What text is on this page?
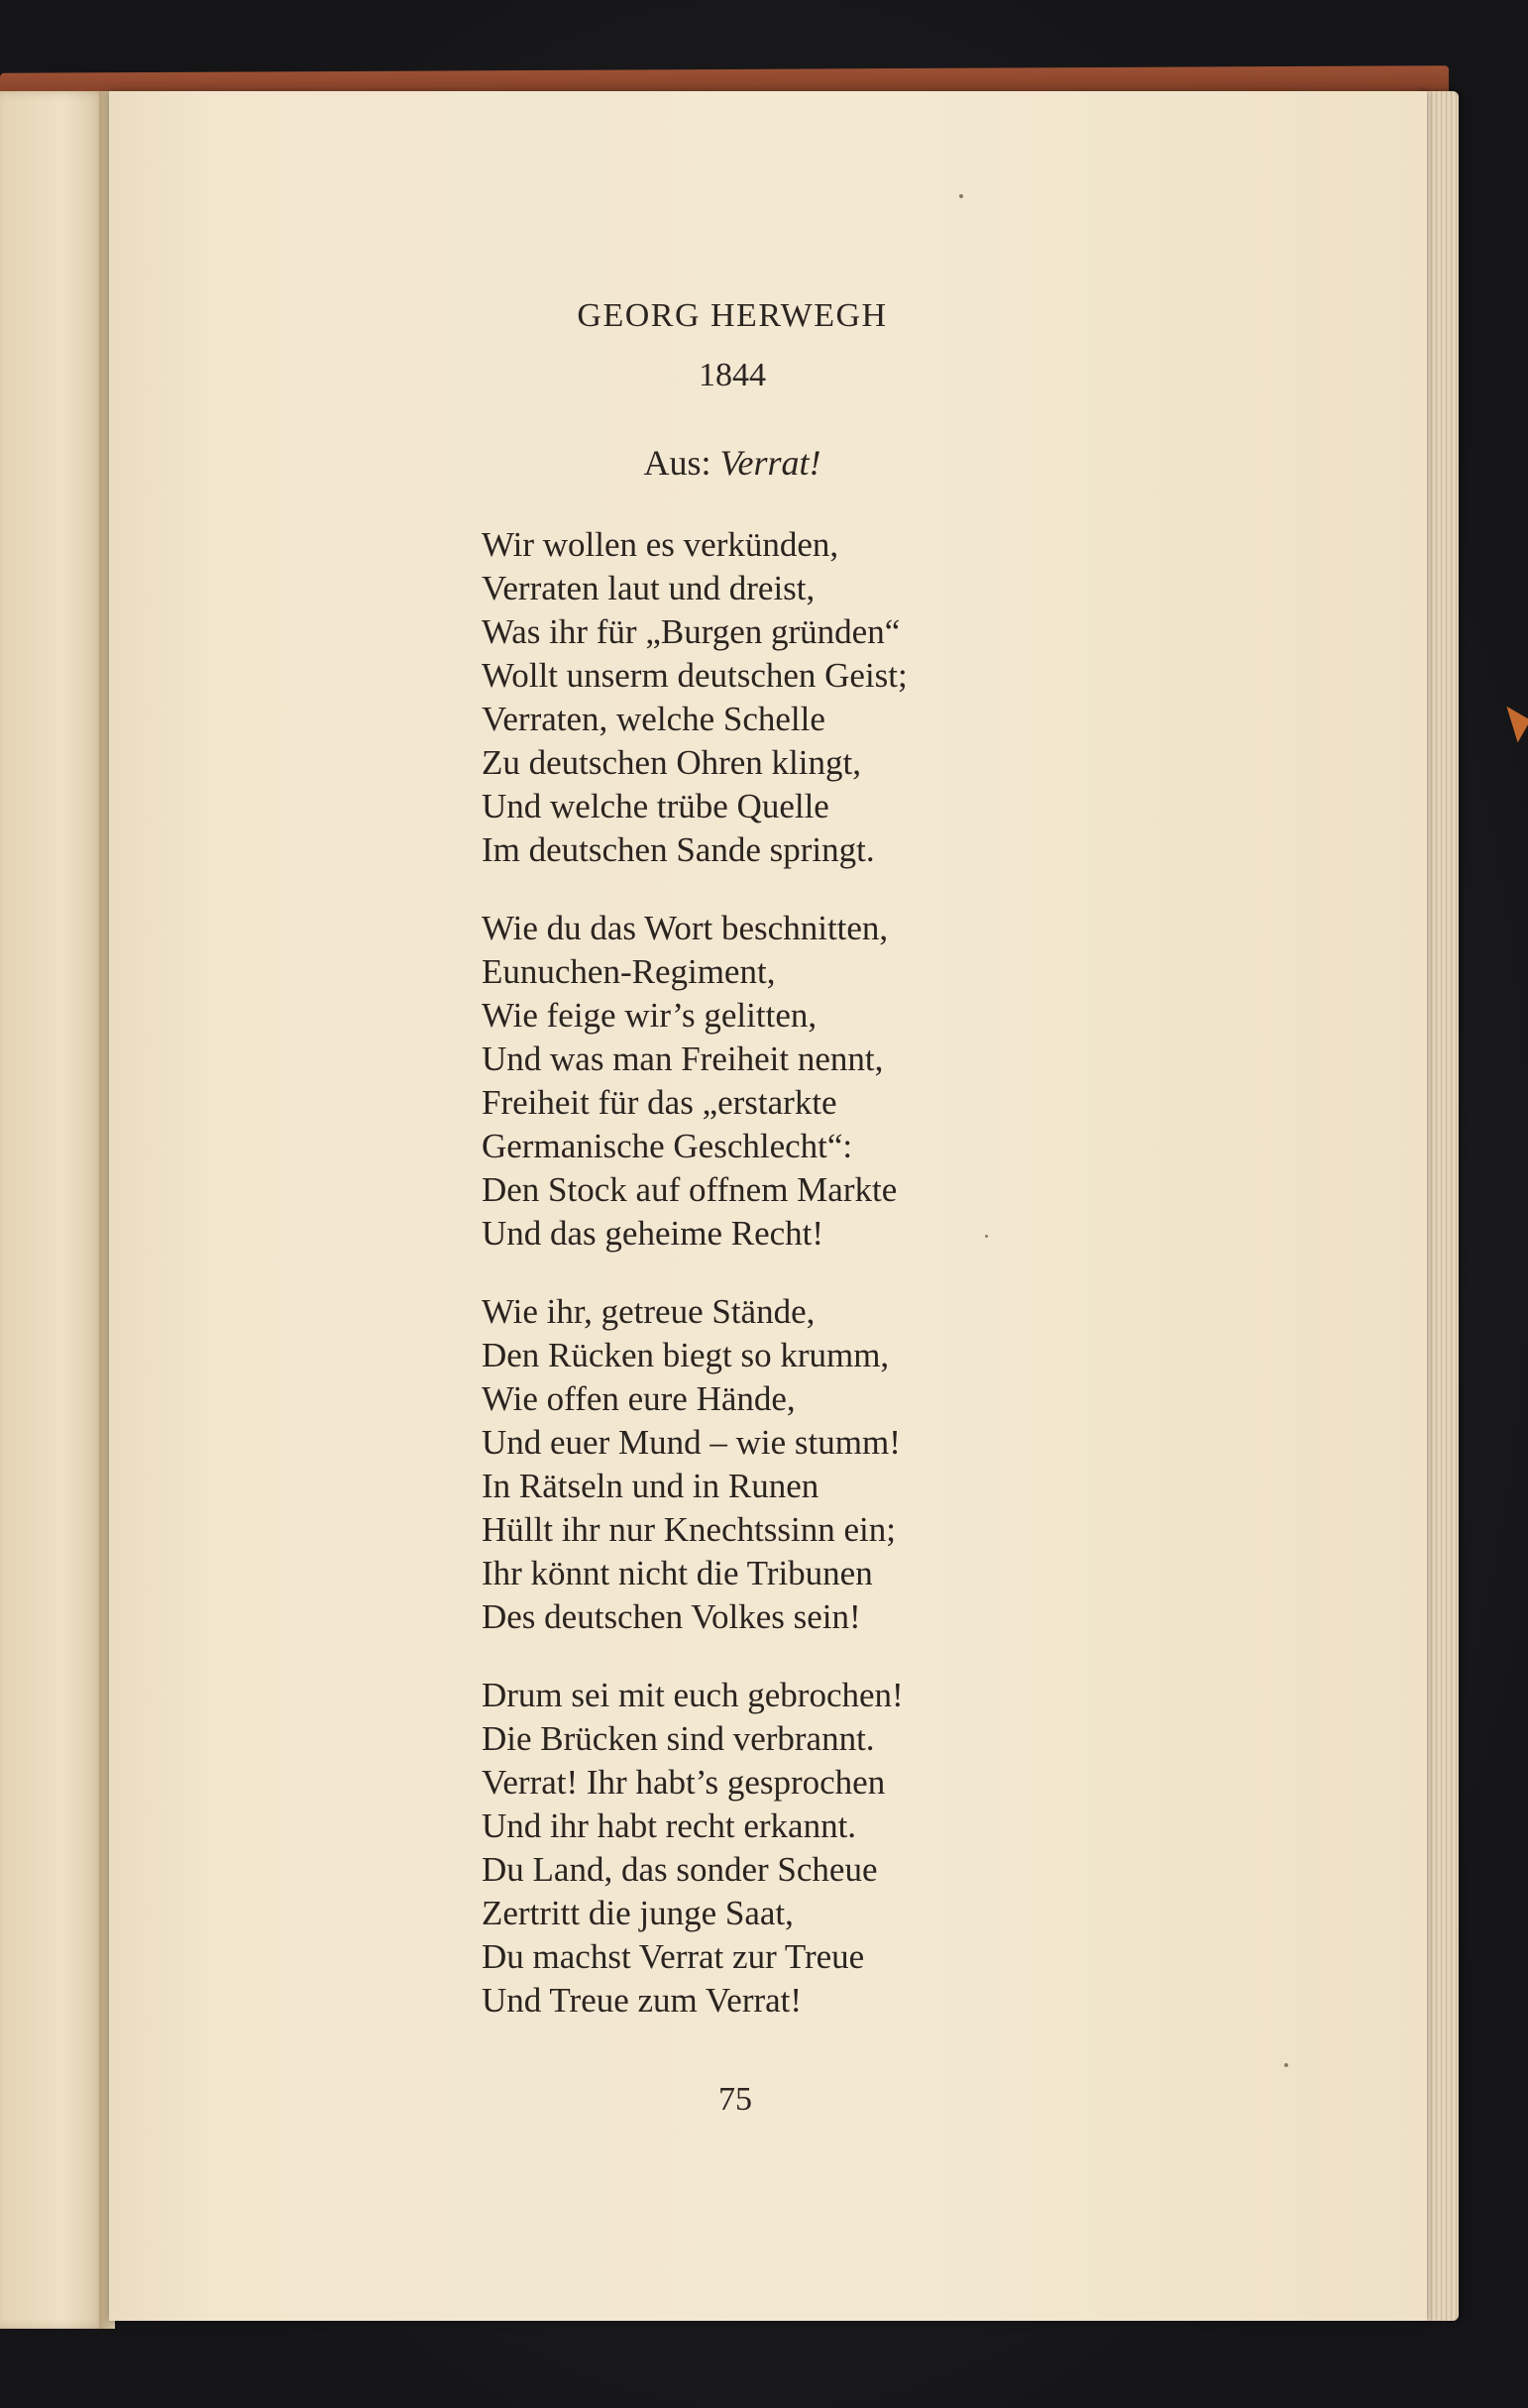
GEORG HERWEGH
1844
Aus: Verrat!
Wir wollen es verkünden,
Verraten laut und dreist,
Was ihr für „Burgen gründen“
Wollt unserm deutschen Geist;
Verraten, welche Schelle
Zu deutschen Ohren klingt,
Und welche trübe Quelle
Im deutschen Sande springt.
Wie du das Wort beschnitten,
Eunuchen-Regiment,
Wie feige wir’s gelitten,
Und was man Freiheit nennt,
Freiheit für das „erstarkte
Germanische Geschlecht“:
Den Stock auf offnem Markte
Und das geheime Recht!
Wie ihr, getreue Stände,
Den Rücken biegt so krumm,
Wie offen eure Hände,
Und euer Mund – wie stumm!
In Rätseln und in Runen
Hüllt ihr nur Knechtssinn ein;
Ihr könnt nicht die Tribunen
Des deutschen Volkes sein!
Drum sei mit euch gebrochen!
Die Brücken sind verbrannt.
Verrat! Ihr habt’s gesprochen
Und ihr habt recht erkannt.
Du Land, das sonder Scheue
Zertritt die junge Saat,
Du machst Verrat zur Treue
Und Treue zum Verrat!
75
